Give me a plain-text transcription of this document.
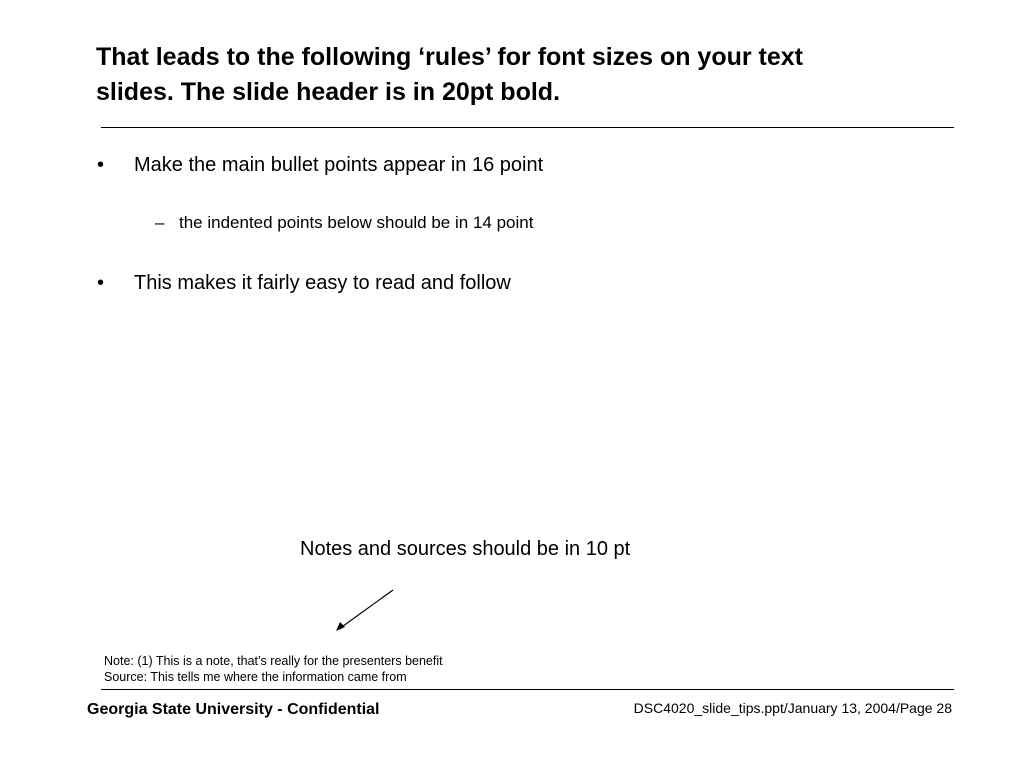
That leads to the following ‘rules’ for font sizes on your text
slides. The slide header is in 20pt bold.
• Make the main bullet points appear in 16 point
– the indented points below should be in 14 point
• This makes it fairly easy to read and follow
Notes and sources should be in 10 pt
Note: (1) This is a note, that’s really for the presenters benefit
Source: This tells me where the information came from
Georgia State University - Confidential	DSC4020_slide_tips.ppt/January 13, 2004/Page 28
